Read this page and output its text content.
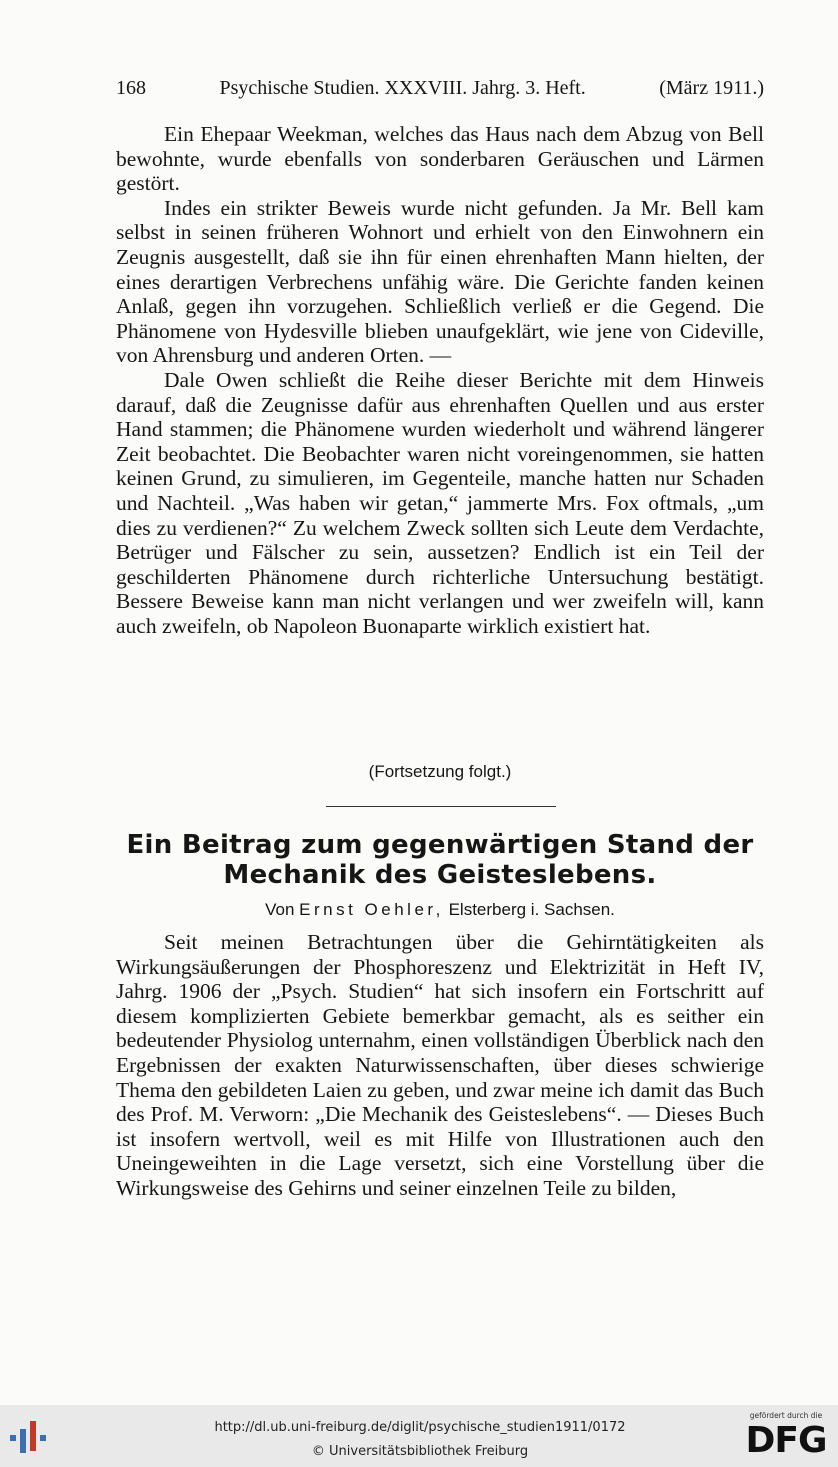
168	Psychische Studien. XXXVIII. Jahrg. 3. Heft.	(März 1911.)

Ein Ehepaar Weekman, welches das Haus nach dem Abzug von Bell bewohnte, wurde ebenfalls von sonderbaren Geräuschen und Lärmen gestört.

Indes ein strikter Beweis wurde nicht gefunden. Ja Mr. Bell kam selbst in seinen früheren Wohnort und erhielt von den Einwohnern ein Zeugnis ausgestellt, daß sie ihn für einen ehrenhaften Mann hielten, der eines derartigen Verbrechens unfähig wäre. Die Gerichte fanden keinen Anlaß, gegen ihn vorzugehen. Schließlich verließ er die Gegend. Die Phänomene von Hydesville blieben unaufgeklärt, wie jene von Cideville, von Ahrensburg und anderen Orten. —

Dale Owen schließt die Reihe dieser Berichte mit dem Hinweis darauf, daß die Zeugnisse dafür aus ehrenhaften Quellen und aus erster Hand stammen; die Phänomene wurden wiederholt und während längerer Zeit beobachtet. Die Beobachter waren nicht voreingenommen, sie hatten keinen Grund, zu simulieren, im Gegenteile, manche hatten nur Schaden und Nachteil. „Was haben wir getan,“ jammerte Mrs. Fox oftmals, „um dies zu verdienen?“ Zu welchem Zweck sollten sich Leute dem Verdachte, Betrüger und Fälscher zu sein, aussetzen? Endlich ist ein Teil der geschilderten Phänomene durch richterliche Untersuchung bestätigt. Bessere Beweise kann man nicht verlangen und wer zweifeln will, kann auch zweifeln, ob Napoleon Buonaparte wirklich existiert hat.

(Fortsetzung folgt.)
Ein Beitrag zum gegenwärtigen Stand der Mechanik des Geisteslebens.
Von Ernst Oehler, Elsterberg i. Sachsen.

Seit meinen Betrachtungen über die Gehirntätigkeiten als Wirkungsäußerungen der Phosphoreszenz und Elektrizität in Heft IV, Jahrg. 1906 der „Psych. Studien“ hat sich insofern ein Fortschritt auf diesem komplizierten Gebiete bemerkbar gemacht, als es seither ein bedeutender Physiolog unternahm, einen vollständigen Überblick nach den Ergebnissen der exakten Naturwissenschaften, über dieses schwierige Thema den gebildeten Laien zu geben, und zwar meine ich damit das Buch des Prof. M. Verworn: „Die Mechanik des Geisteslebens“. — Dieses Buch ist insofern wertvoll, weil es mit Hilfe von Illustrationen auch den Uneingeweihten in die Lage versetzt, sich eine Vorstellung über die Wirkungsweise des Gehirns und seiner einzelnen Teile zu bilden,

http://dl.ub.uni-freiburg.de/diglit/psychische_studien1911/0172
© Universitätsbibliothek Freiburg
gefördert durch die
DFG
